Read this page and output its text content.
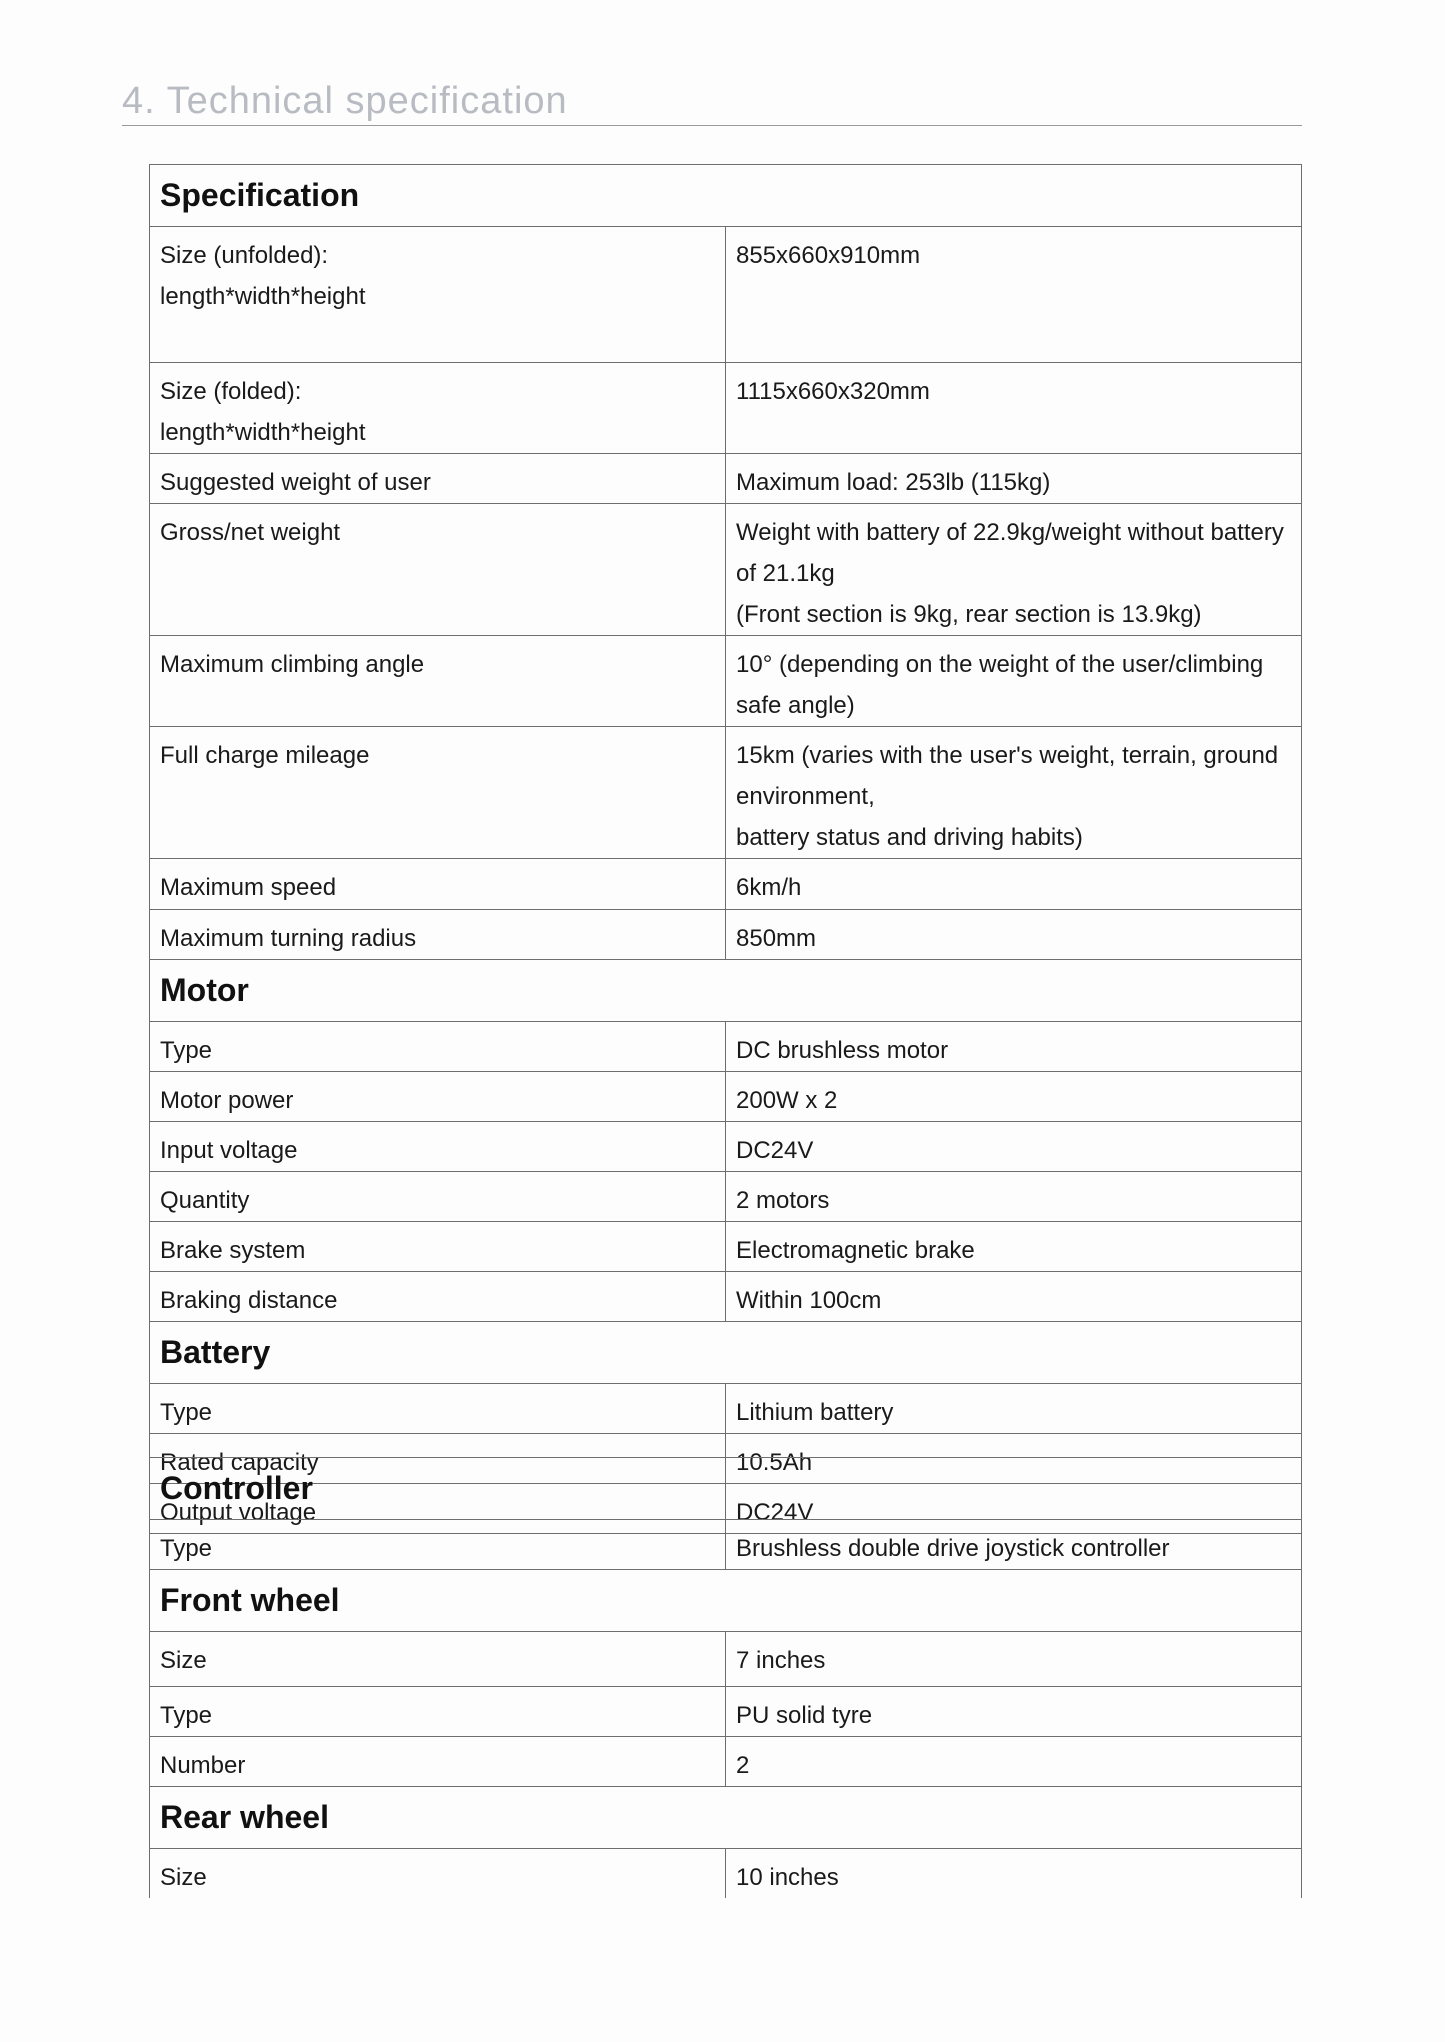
4. Technical specification
Specification	

Size (unfolded):
length*width*height	855x660x910mm

Size (folded):
length*width*height	1115x660x320mm

Suggested weight of user	Maximum load: 253lb (115kg)

Gross/net weight	Weight with battery of 22.9kg/weight without battery of 21.1kg
(Front section is 9kg, rear section is 13.9kg)

Maximum climbing angle	10° (depending on the weight of the user/climbing safe angle)

Full charge mileage	15km (varies with the user's weight, terrain, ground environment,
battery status and driving habits)

Maximum speed	6km/h

Maximum turning radius	850mm

Motor	

Type	DC brushless motor

Motor power	200W x 2

Input voltage	DC24V

Quantity	2 motors

Brake system	Electromagnetic brake

Braking distance	Within 100cm

Battery	

Type	Lithium battery

Rated capacity	10.5Ah

Output voltage	DC24V
Controller	

Type	Brushless double drive joystick controller

Front wheel	

Size	7 inches

Type	PU solid tyre

Number	2

Rear wheel	

Size	10 inches
